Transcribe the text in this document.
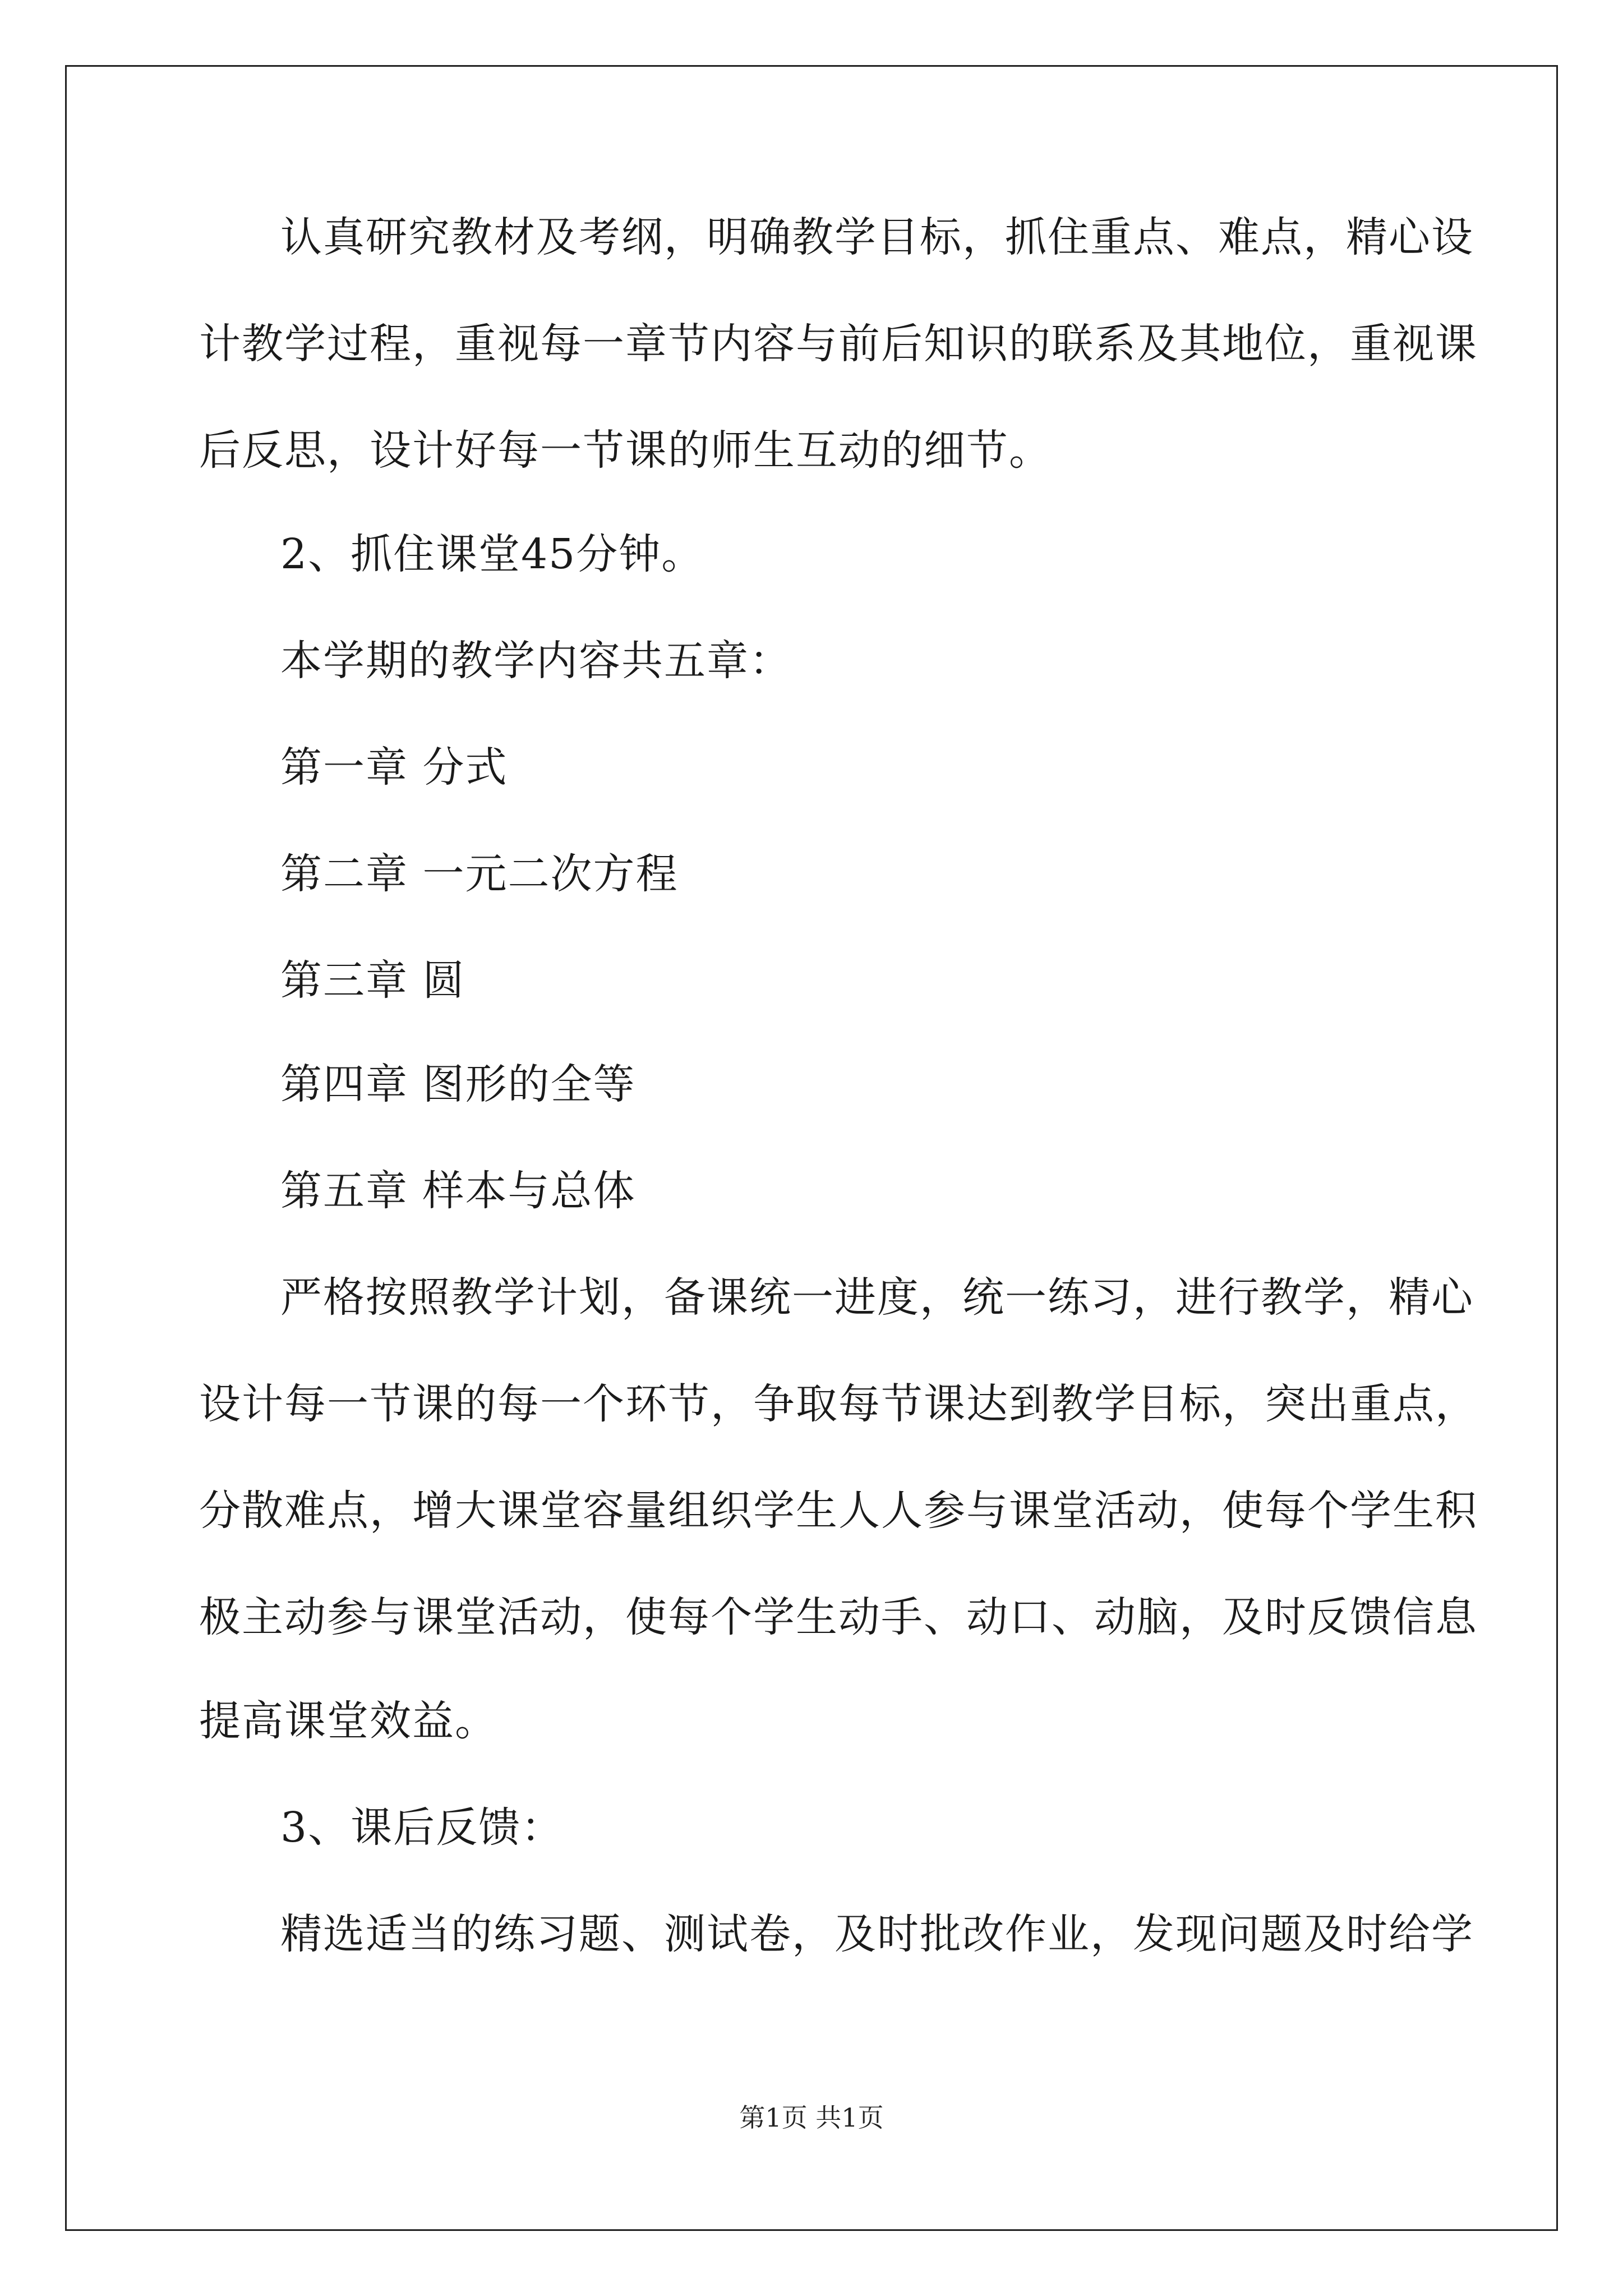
认真研究教材及考纲，明确教学目标，抓住重点、难点，精心设
计教学过程，重视每一章节内容与前后知识的联系及其地位，重视课
后反思，设计好每一节课的师生互动的细节。
2、抓住课堂45分钟。
本学期的教学内容共五章：
第一章 分式
第二章 一元二次方程
第三章 圆
第四章 图形的全等
第五章 样本与总体
严格按照教学计划，备课统一进度，统一练习，进行教学，精心
设计每一节课的每一个环节，争取每节课达到教学目标，突出重点，
分散难点，增大课堂容量组织学生人人参与课堂活动，使每个学生积
极主动参与课堂活动，使每个学生动手、动口、动脑，及时反馈信息
提高课堂效益。
3、课后反馈：
精选适当的练习题、测试卷，及时批改作业，发现问题及时给学
第1页 共1页
